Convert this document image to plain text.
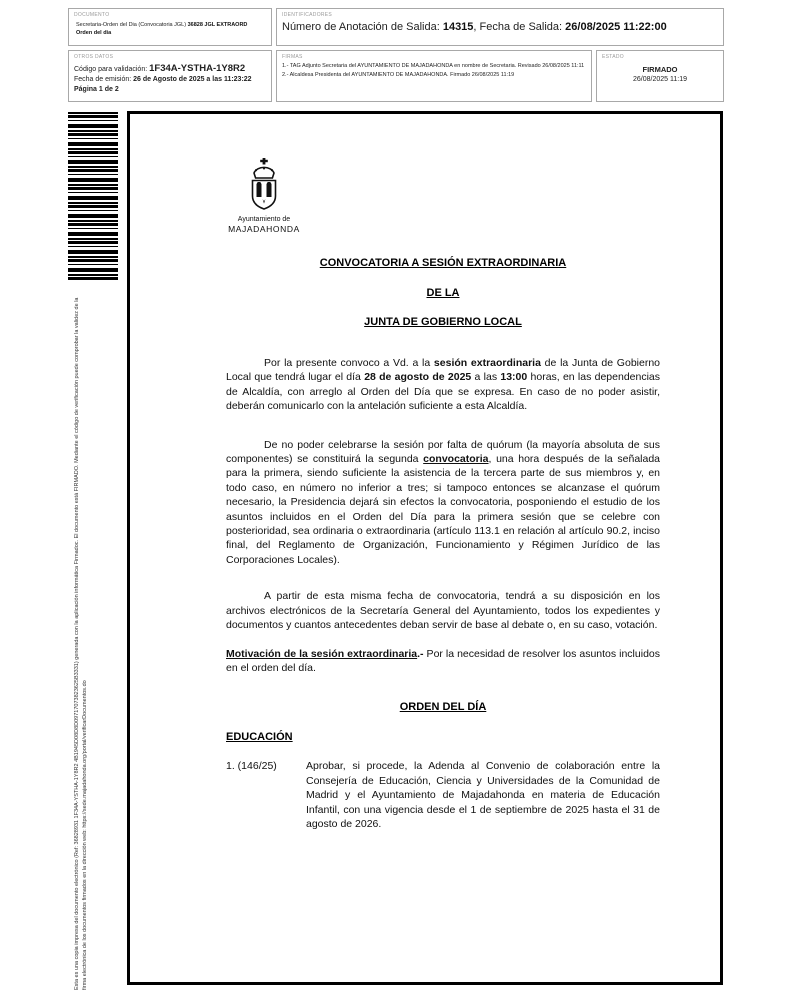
DOCUMENTO
Secretaria-Orden del Dia (Convocatoria JGL) 36828 JGL EXTRAORD
Orden del dia
OTROS DATOS
Código para validación: 1F34A-YSTHA-1Y8R2
Fecha de emisión: 26 de Agosto de 2025 a las 11:23:22
Página 1 de 2
IDENTIFICADORES
Número de Anotación de Salida: 14315, Fecha de Salida: 26/08/2025 11:22:00
FIRMAS
1.- TAG Adjunto Secretaria del AYUNTAMIENTO DE MAJADAHONDA en nombre de Secretaria. Revisado 26/08/2025 11:11
2.- Alcaldesa Presidenta del AYUNTAMIENTO DE MAJADAHONDA. Firmado 26/08/2025 11:19
ESTADO
FIRMADO
26/08/2025 11:19
Esta es una copia impresa del documento electrónico (Ref: 36828931 1F34A-YSTHA-1Y8R2 4B1945D08D8D09717073823625B3331) generada con la aplicación informática Firmadoc. El documento está FIRMADO. Mediante el código de verificación puede comprobar la validez de la firma electrónica de los documentos firmados en la dirección web: https://sede.majadahonda.org/portal/verificarDocumentos.do
Ayuntamiento de
MAJADAHONDA
CONVOCATORIA A SESIÓN EXTRAORDINARIA
DE LA
JUNTA DE GOBIERNO LOCAL
Por la presente convoco a Vd. a la sesión extraordinaria de la Junta de Gobierno Local que tendrá lugar el día 28 de agosto de 2025 a las 13:00 horas, en las dependencias de Alcaldía, con arreglo al Orden del Día que se expresa. En caso de no poder asistir, deberán comunicarlo con la antelación suficiente a esta Alcaldía.
De no poder celebrarse la sesión por falta de quórum (la mayoría absoluta de sus componentes) se constituirá la segunda convocatoria, una hora después de la señalada para la primera, siendo suficiente la asistencia de la tercera parte de sus miembros y, en todo caso, en número no inferior a tres; si tampoco entonces se alcanzase el quórum necesario, la Presidencia dejará sin efectos la convocatoria, posponiendo el estudio de los asuntos incluidos en el Orden del Día para la primera sesión que se celebre con posterioridad, sea ordinaria o extraordinaria (artículo 113.1 en relación al artículo 90.2, inciso final, del Reglamento de Organización, Funcionamiento y Régimen Jurídico de las Corporaciones Locales).
A partir de esta misma fecha de convocatoria, tendrá a su disposición en los archivos electrónicos de la Secretaría General del Ayuntamiento, todos los expedientes y documentos y cuantos antecedentes deban servir de base al debate o, en su caso, votación.
Motivación de la sesión extraordinaria.- Por la necesidad de resolver los asuntos incluidos en el orden del día.
ORDEN DEL DÍA
EDUCACIÓN
1. (146/25)	Aprobar, si procede, la Adenda al Convenio de colaboración entre la Consejería de Educación, Ciencia y Universidades de la Comunidad de Madrid y el Ayuntamiento de Majadahonda en materia de Educación Infantil, con una vigencia desde el 1 de septiembre de 2025 hasta el 31 de agosto de 2026.
